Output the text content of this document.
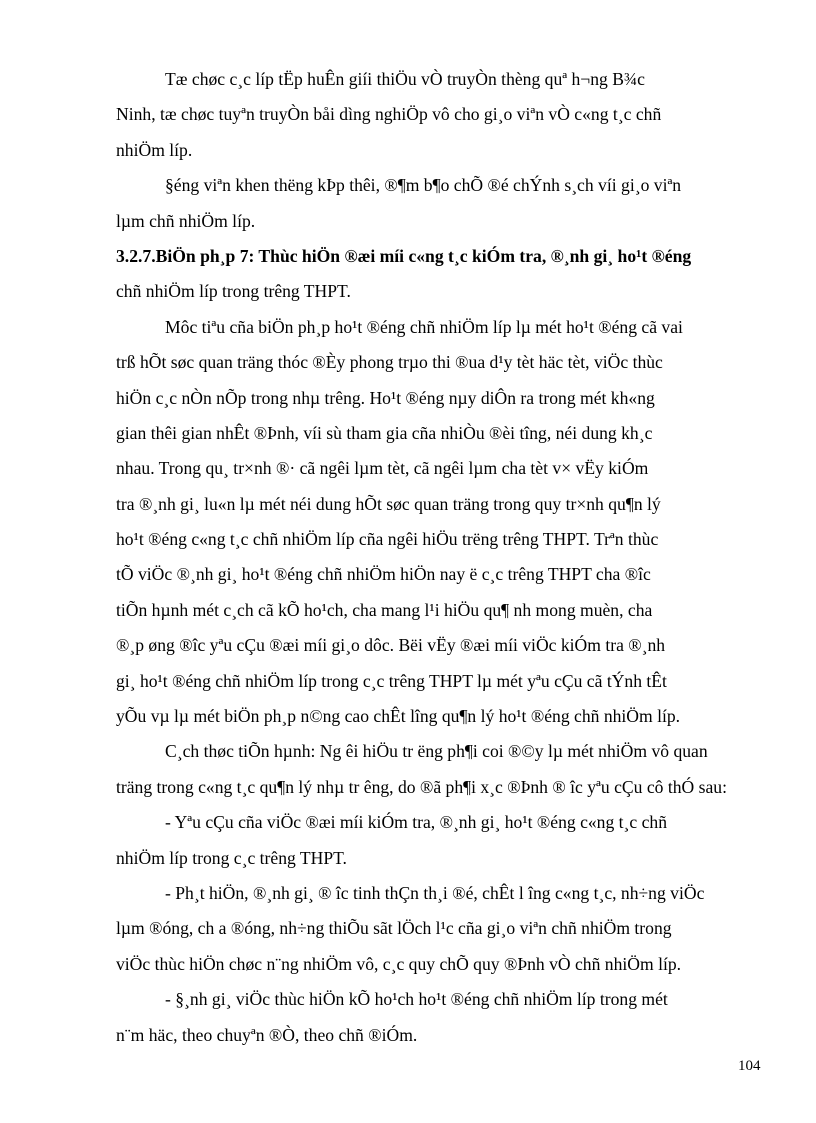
Tæ chøc c¸c líp tËp huÊn giíi thiÖu vÒ truyÒn thèng quª h¬ng B¾c
Ninh, tæ chøc tuyªn truyÒn båi dìng nghiÖp vô cho gi¸o viªn vÒ c«ng t¸c chñ
nhiÖm líp.
§éng viªn khen thëng kÞp thêi, ®¶m b¶o chÕ ®é chÝnh s¸ch víi gi¸o viªn
lµm chñ nhiÖm líp.
3.2.7.BiÖn ph¸p 7: Thùc hiÖn ®æi míi c«ng t¸c kiÓm tra, ®¸nh gi¸ ho¹t ®éng
chñ nhiÖm líp trong trêng THPT.
Môc tiªu cña biÖn ph¸p ho¹t ®éng chñ nhiÖm líp lµ mét ho¹t ®éng cã vai
trß hÕt søc quan träng thóc ®Èy phong trµo thi ®ua d¹y tèt häc tèt, viÖc thùc
hiÖn c¸c nÒn nÕp trong nhµ trêng. Ho¹t ®éng nµy diÔn ra trong mét kh«ng
gian thêi gian nhÊt ®Þnh, víi sù tham gia cña nhiÒu ®èi tîng, néi dung kh¸c
nhau. Trong qu¸ tr×nh ®· cã ngêi lµm tèt, cã ngêi lµm cha tèt v× vËy kiÓm
tra ®¸nh gi¸ lu«n lµ mét néi dung hÕt søc quan träng trong quy tr×nh qu¶n lý
ho¹t ®éng c«ng t¸c chñ nhiÖm líp cña ngêi hiÖu trëng trêng THPT. Trªn thùc
tÕ viÖc ®¸nh gi¸ ho¹t ®éng chñ nhiÖm hiÖn nay ë c¸c trêng THPT cha ®îc
tiÕn hµnh mét c¸ch cã kÕ ho¹ch, cha mang l¹i hiÖu qu¶ nh mong muèn, cha
®¸p øng ®îc yªu cÇu ®æi míi gi¸o dôc. Bëi vËy ®æi míi viÖc kiÓm tra ®¸nh
gi¸ ho¹t ®éng chñ nhiÖm líp trong c¸c trêng THPT lµ mét yªu cÇu cã tÝnh tÊt
yÕu vµ lµ mét biÖn ph¸p n©ng cao chÊt lîng qu¶n lý ho¹t ®éng chñ nhiÖm líp.
C¸ch thøc tiÕn hµnh: Ng êi hiÖu tr ëng ph¶i coi ®©y lµ mét nhiÖm vô quan
träng trong c«ng t¸c qu¶n lý nhµ tr êng, do ®ã ph¶i x¸c ®Þnh ® îc yªu cÇu cô thÓ sau:
- Yªu cÇu cña viÖc ®æi míi kiÓm tra, ®¸nh gi¸ ho¹t ®éng c«ng t¸c chñ
nhiÖm líp trong c¸c trêng THPT.
- Ph¸t hiÖn, ®¸nh gi¸ ® îc tinh thÇn th¸i ®é, chÊt l îng c«ng t¸c, nh÷ng viÖc
lµm ®óng, ch a ®óng, nh÷ng thiÕu sãt lÖch l¹c cña gi¸o viªn chñ nhiÖm trong
viÖc thùc hiÖn chøc n¨ng nhiÖm vô, c¸c quy chÕ quy ®Þnh vÒ chñ nhiÖm líp.
- §¸nh gi¸ viÖc thùc hiÖn kÕ ho¹ch ho¹t ®éng chñ nhiÖm líp trong mét
n¨m häc, theo chuyªn ®Ò, theo chñ ®iÓm.
104
